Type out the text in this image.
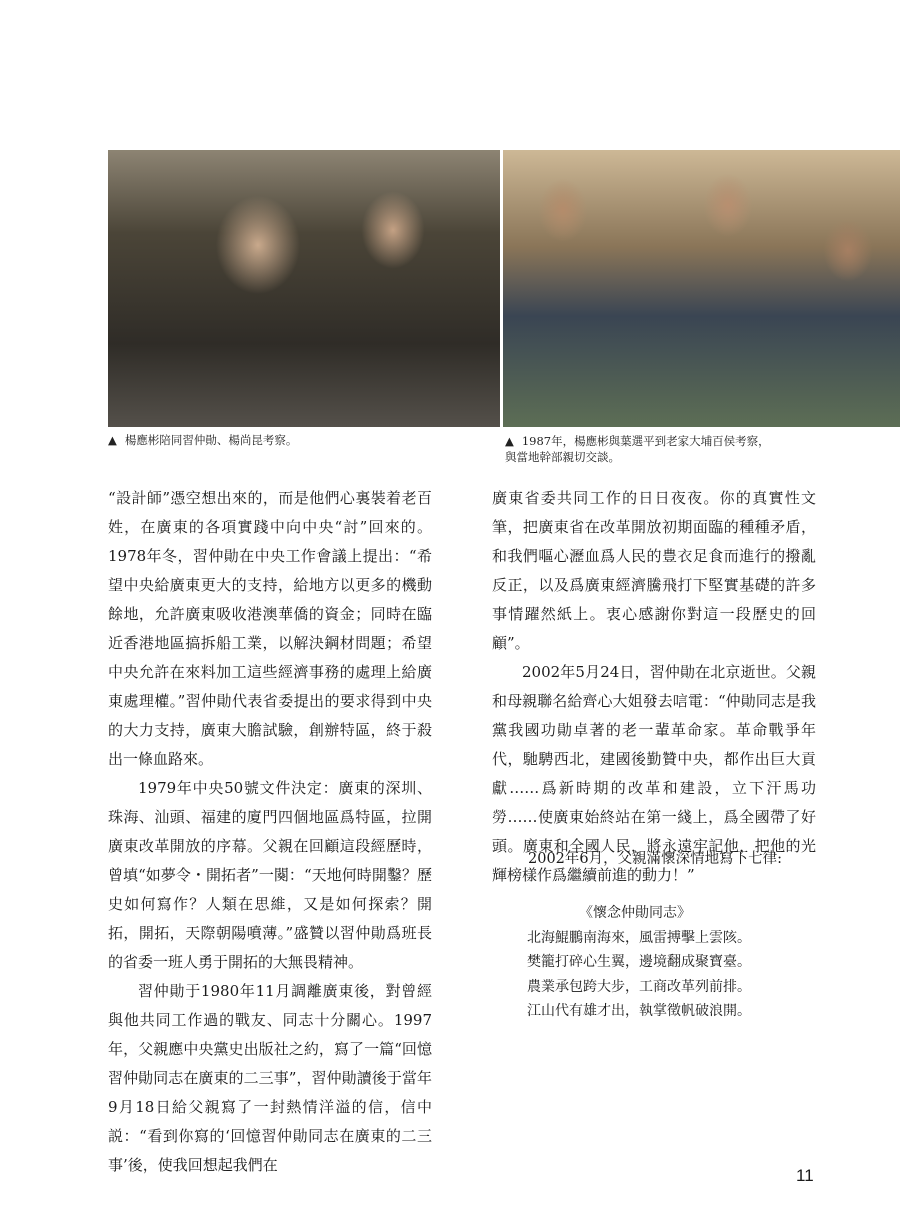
▲ 楊應彬陪同習仲勛、楊尚昆考察。	▲ 1987年，楊應彬與葉選平到老家大埔百侯考察，
與當地幹部親切交談。

“設計師”憑空想出來的，而是他們心裏裝着老百姓，在廣東的各項實踐中向中央“討”回來的。1978年冬，習仲勛在中央工作會議上提出：“希望中央給廣東更大的支持，給地方以更多的機動餘地，允許廣東吸收港澳華僑的資金；同時在臨近香港地區搞拆船工業，以解決鋼材問題；希望中央允許在來料加工這些經濟事務的處理上給廣東處理權。”習仲勛代表省委提出的要求得到中央的大力支持，廣東大膽試驗，創辦特區，終于殺出一條血路來。

1979年中央50號文件決定：廣東的深圳、珠海、汕頭、福建的廈門四個地區爲特區，拉開廣東改革開放的序幕。父親在回顧這段經歷時，曾填“如夢令・開拓者”一闋：“天地何時開鑿？歷史如何寫作？人類在思維，又是如何探索？開拓，開拓，天際朝陽噴薄。”盛贊以習仲勛爲班長的省委一班人勇于開拓的大無畏精神。

習仲勛于1980年11月調離廣東後，對曾經與他共同工作過的戰友、同志十分關心。1997年，父親應中央黨史出版社之約，寫了一篇“回憶習仲勛同志在廣東的二三事”，習仲勛讀後于當年9月18日給父親寫了一封熱情洋溢的信，信中説：“看到你寫的‘回憶習仲勛同志在廣東的二三事’後，使我回想起我們在

廣東省委共同工作的日日夜夜。你的真實性文筆，把廣東省在改革開放初期面臨的種種矛盾，和我們嘔心瀝血爲人民的豊衣足食而進行的撥亂反正，以及爲廣東經濟騰飛打下堅實基礎的許多事情躍然紙上。衷心感謝你對這一段歷史的回顧”。

2002年5月24日，習仲勛在北京逝世。父親和母親聯名給齊心大姐發去唁電：“仲勛同志是我黨我國功勛卓著的老一輩革命家。革命戰爭年代，馳騁西北，建國後勤贊中央，都作出巨大貢獻……爲新時期的改革和建設，立下汗馬功勞……使廣東始終站在第一綫上，爲全國帶了好頭。廣東和全國人民，將永遠牢記他，把他的光輝榜樣作爲繼續前進的動力！”

2002年6月，父親滿懷深情地寫下七律:
《懷念仲勛同志》
北海鯤鵬南海來，風雷搏擊上雲陔。
樊籠打碎心生翼，邊境翻成聚寶臺。
農業承包跨大步，工商改革列前排。
江山代有雄才出，執掌徵帆破浪開。
11
